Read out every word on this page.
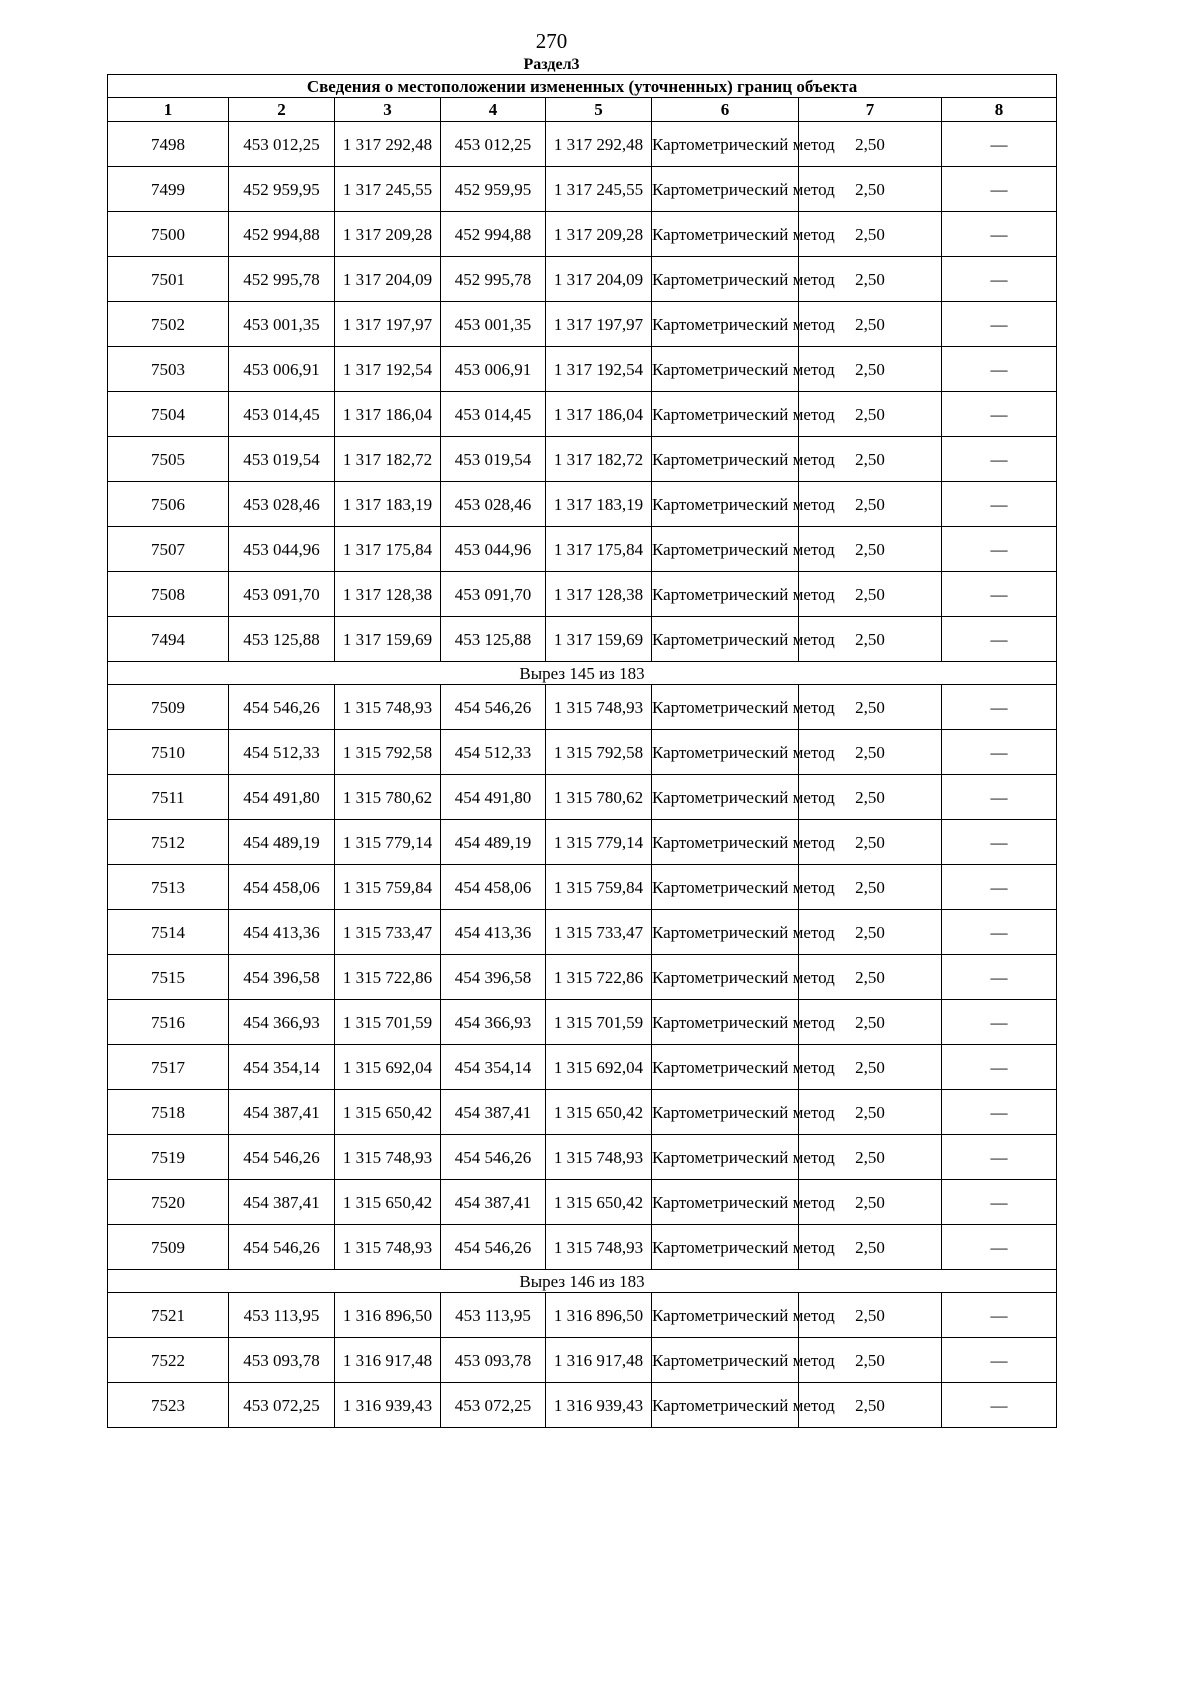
270
Раздел3
Сведения о местоположении измененных (уточненных) границ объекта							
1	2	3	4	5	6	7	8
7498	453 012,25	1 317 292,48	453 012,25	1 317 292,48	Картометрический метод	2,50	—
7499	452 959,95	1 317 245,55	452 959,95	1 317 245,55	Картометрический метод	2,50	—
7500	452 994,88	1 317 209,28	452 994,88	1 317 209,28	Картометрический метод	2,50	—
7501	452 995,78	1 317 204,09	452 995,78	1 317 204,09	Картометрический метод	2,50	—
7502	453 001,35	1 317 197,97	453 001,35	1 317 197,97	Картометрический метод	2,50	—
7503	453 006,91	1 317 192,54	453 006,91	1 317 192,54	Картометрический метод	2,50	—
7504	453 014,45	1 317 186,04	453 014,45	1 317 186,04	Картометрический метод	2,50	—
7505	453 019,54	1 317 182,72	453 019,54	1 317 182,72	Картометрический метод	2,50	—
7506	453 028,46	1 317 183,19	453 028,46	1 317 183,19	Картометрический метод	2,50	—
7507	453 044,96	1 317 175,84	453 044,96	1 317 175,84	Картометрический метод	2,50	—
7508	453 091,70	1 317 128,38	453 091,70	1 317 128,38	Картометрический метод	2,50	—
7494	453 125,88	1 317 159,69	453 125,88	1 317 159,69	Картометрический метод	2,50	—
Вырез 145 из 183							
7509	454 546,26	1 315 748,93	454 546,26	1 315 748,93	Картометрический метод	2,50	—
7510	454 512,33	1 315 792,58	454 512,33	1 315 792,58	Картометрический метод	2,50	—
7511	454 491,80	1 315 780,62	454 491,80	1 315 780,62	Картометрический метод	2,50	—
7512	454 489,19	1 315 779,14	454 489,19	1 315 779,14	Картометрический метод	2,50	—
7513	454 458,06	1 315 759,84	454 458,06	1 315 759,84	Картометрический метод	2,50	—
7514	454 413,36	1 315 733,47	454 413,36	1 315 733,47	Картометрический метод	2,50	—
7515	454 396,58	1 315 722,86	454 396,58	1 315 722,86	Картометрический метод	2,50	—
7516	454 366,93	1 315 701,59	454 366,93	1 315 701,59	Картометрический метод	2,50	—
7517	454 354,14	1 315 692,04	454 354,14	1 315 692,04	Картометрический метод	2,50	—
7518	454 387,41	1 315 650,42	454 387,41	1 315 650,42	Картометрический метод	2,50	—
7519	454 546,26	1 315 748,93	454 546,26	1 315 748,93	Картометрический метод	2,50	—
7520	454 387,41	1 315 650,42	454 387,41	1 315 650,42	Картометрический метод	2,50	—
7509	454 546,26	1 315 748,93	454 546,26	1 315 748,93	Картометрический метод	2,50	—
Вырез 146 из 183							
7521	453 113,95	1 316 896,50	453 113,95	1 316 896,50	Картометрический метод	2,50	—
7522	453 093,78	1 316 917,48	453 093,78	1 316 917,48	Картометрический метод	2,50	—
7523	453 072,25	1 316 939,43	453 072,25	1 316 939,43	Картометрический метод	2,50	—
